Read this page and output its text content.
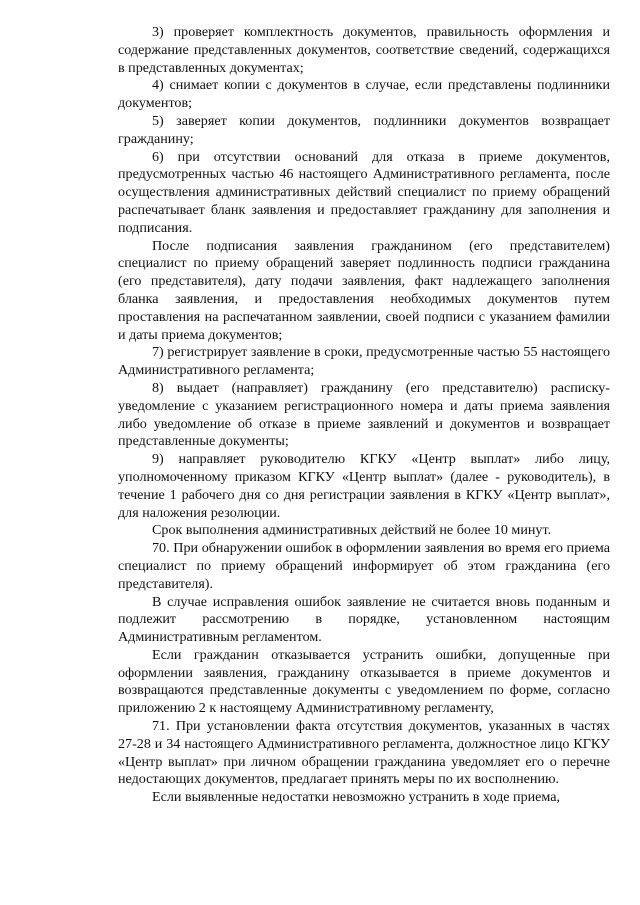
3) проверяет комплектность документов, правильность оформления и содержание представленных документов, соответствие сведений, содержащихся в представленных документах;

4) снимает копии с документов в случае, если представлены подлинники документов;

5) заверяет копии документов, подлинники документов возвращает гражданину;

6) при отсутствии оснований для отказа в приеме документов, предусмотренных частью 46 настоящего Административного регламента, после осуществления административных действий специалист по приему обращений распечатывает бланк заявления и предоставляет гражданину для заполнения и подписания.

После подписания заявления гражданином (его представителем) специалист по приему обращений заверяет подлинность подписи гражданина (его представителя), дату подачи заявления, факт надлежащего заполнения бланка заявления, и предоставления необходимых документов путем проставления на распечатанном заявлении, своей подписи с указанием фамилии и даты приема документов;

7) регистрирует заявление в сроки, предусмотренные частью 55 настоящего Административного регламента;

8) выдает (направляет) гражданину (его представителю) расписку-уведомление с указанием регистрационного номера и даты приема заявления либо уведомление об отказе в приеме заявлений и документов и возвращает представленные документы;

9) направляет руководителю КГКУ «Центр выплат» либо лицу, уполномоченному приказом КГКУ «Центр выплат» (далее - руководитель), в течение 1 рабочего дня со дня регистрации заявления в КГКУ «Центр выплат», для наложения резолюции.

Срок выполнения административных действий не более 10 минут.

70. При обнаружении ошибок в оформлении заявления во время его приема специалист по приему обращений информирует об этом гражданина (его представителя).

В случае исправления ошибок заявление не считается вновь поданным и подлежит рассмотрению в порядке, установленном настоящим Административным регламентом.

Если гражданин отказывается устранить ошибки, допущенные при оформлении заявления, гражданину отказывается в приеме документов и возвращаются представленные документы с уведомлением по форме, согласно приложению 2 к настоящему Административному регламенту,

71. При установлении факта отсутствия документов, указанных в частях 27-28 и 34 настоящего Административного регламента, должностное лицо КГКУ «Центр выплат» при личном обращении гражданина уведомляет его о перечне недостающих документов, предлагает принять меры по их восполнению.

Если выявленные недостатки невозможно устранить в ходе приема,
